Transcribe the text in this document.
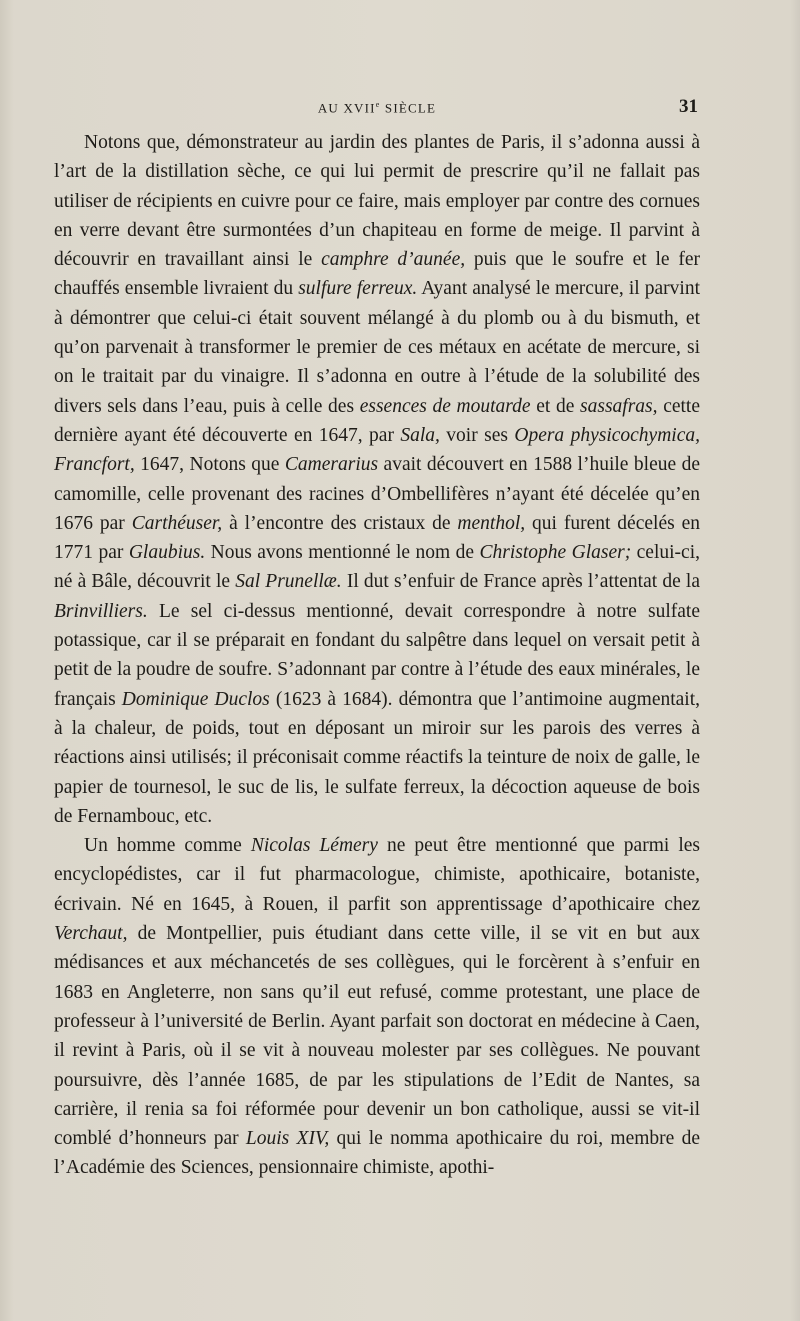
AU XVIIe SIÈCLE	31

Notons que, démonstrateur au jardin des plantes de Paris, il s’adonna aussi à l’art de la distillation sèche, ce qui lui permit de prescrire qu’il ne fallait pas utiliser de récipients en cuivre pour ce faire, mais employer par contre des cornues en verre devant être surmontées d’un chapiteau en forme de meige. Il parvint à découvrir en travaillant ainsi le camphre d’aunée, puis que le soufre et le fer chauffés ensemble livraient du sulfure ferreux. Ayant analysé le mercure, il parvint à démontrer que celui-ci était souvent mélangé à du plomb ou à du bismuth, et qu’on parvenait à transformer le premier de ces métaux en acétate de mercure, si on le traitait par du vinaigre. Il s’adonna en outre à l’étude de la solubilité des divers sels dans l’eau, puis à celle des essences de moutarde et de sassafras, cette dernière ayant été découverte en 1647, par Sala, voir ses Opera physicochymica, Francfort, 1647, Notons que Camerarius avait découvert en 1588 l’huile bleue de camomille, celle provenant des racines d’Ombellifères n’ayant été décelée qu’en 1676 par Carthéuser, à l’encontre des cristaux de menthol, qui furent décelés en 1771 par Glaubius. Nous avons mentionné le nom de Christophe Glaser; celui-ci, né à Bâle, découvrit le Sal Prunellæ. Il dut s’enfuir de France après l’attentat de la Brinvilliers. Le sel ci-dessus mentionné, devait correspondre à notre sulfate potassique, car il se préparait en fondant du salpêtre dans lequel on versait petit à petit de la poudre de soufre. S’adonnant par contre à l’étude des eaux minérales, le français Dominique Duclos (1623 à 1684). démontra que l’antimoine augmentait, à la chaleur, de poids, tout en déposant un miroir sur les parois des verres à réactions ainsi utilisés; il préconisait comme réactifs la teinture de noix de galle, le papier de tournesol, le suc de lis, le sulfate ferreux, la décoction aqueuse de bois de Fernambouc, etc.

Un homme comme Nicolas Lémery ne peut être mentionné que parmi les encyclopédistes, car il fut pharmacologue, chimiste, apothicaire, botaniste, écrivain. Né en 1645, à Rouen, il parfit son apprentissage d’apothicaire chez Verchaut, de Montpellier, puis étudiant dans cette ville, il se vit en but aux médisances et aux méchancetés de ses collègues, qui le forcèrent à s’enfuir en 1683 en Angleterre, non sans qu’il eut refusé, comme protestant, une place de professeur à l’université de Berlin. Ayant parfait son doctorat en médecine à Caen, il revint à Paris, où il se vit à nouveau molester par ses collègues. Ne pouvant poursuivre, dès l’année 1685, de par les stipulations de l’Edit de Nantes, sa carrière, il renia sa foi réformée pour devenir un bon catholique, aussi se vit-il comblé d’honneurs par Louis XIV, qui le nomma apothicaire du roi, membre de l’Académie des Sciences, pensionnaire chimiste, apothi-
